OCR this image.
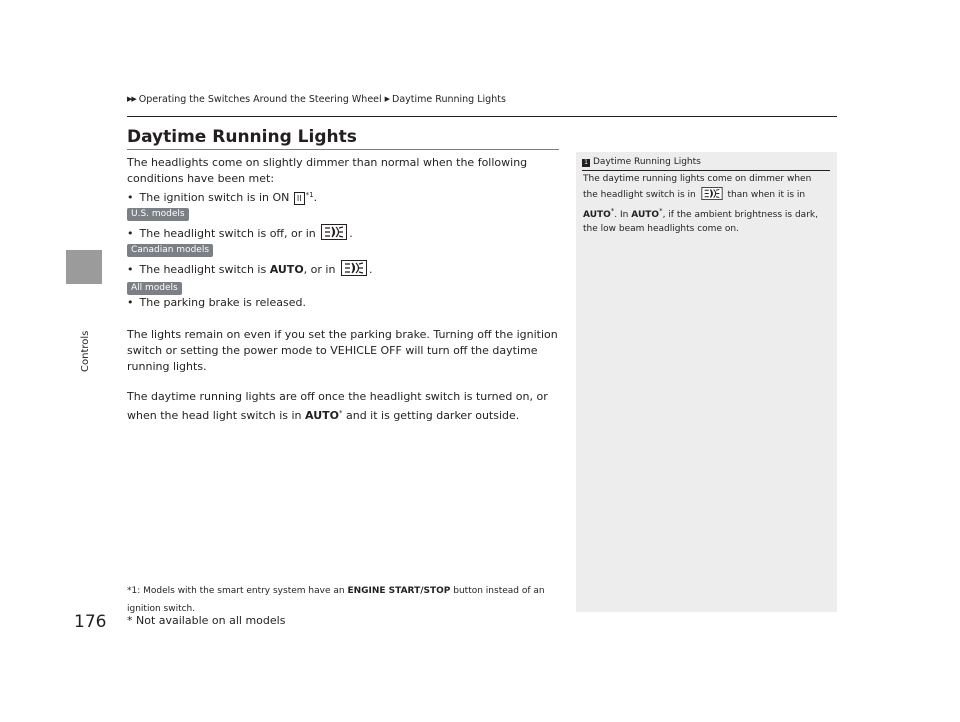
Controls
176
▶▶ Operating the Switches Around the Steering Wheel ▶ Daytime Running Lights
Daytime Running Lights
The headlights come on slightly dimmer than normal when the following conditions have been met:
• The ignition switch is in ON II $^{*1}$.
U.S. models
• The headlight switch is off, or in	.
Canadian models
• The headlight switch is AUTO, or in	.
All models
• The parking brake is released.
The lights remain on even if you set the parking brake. Turning off the ignition switch or setting the power mode to VEHICLE OFF will turn off the daytime running lights.
The daytime running lights are off once the headlight switch is turned on, or when the head light switch is in AUTO* and it is getting darker outside.
*1: Models with the smart entry system have an ENGINE START/STOP button instead of an ignition switch.
* Not available on all models
1 Daytime Running Lights
The daytime running lights come on dimmer when the headlight switch is in	than when it is in AUTO*. In AUTO*, if the ambient brightness is dark, the low beam headlights come on.
